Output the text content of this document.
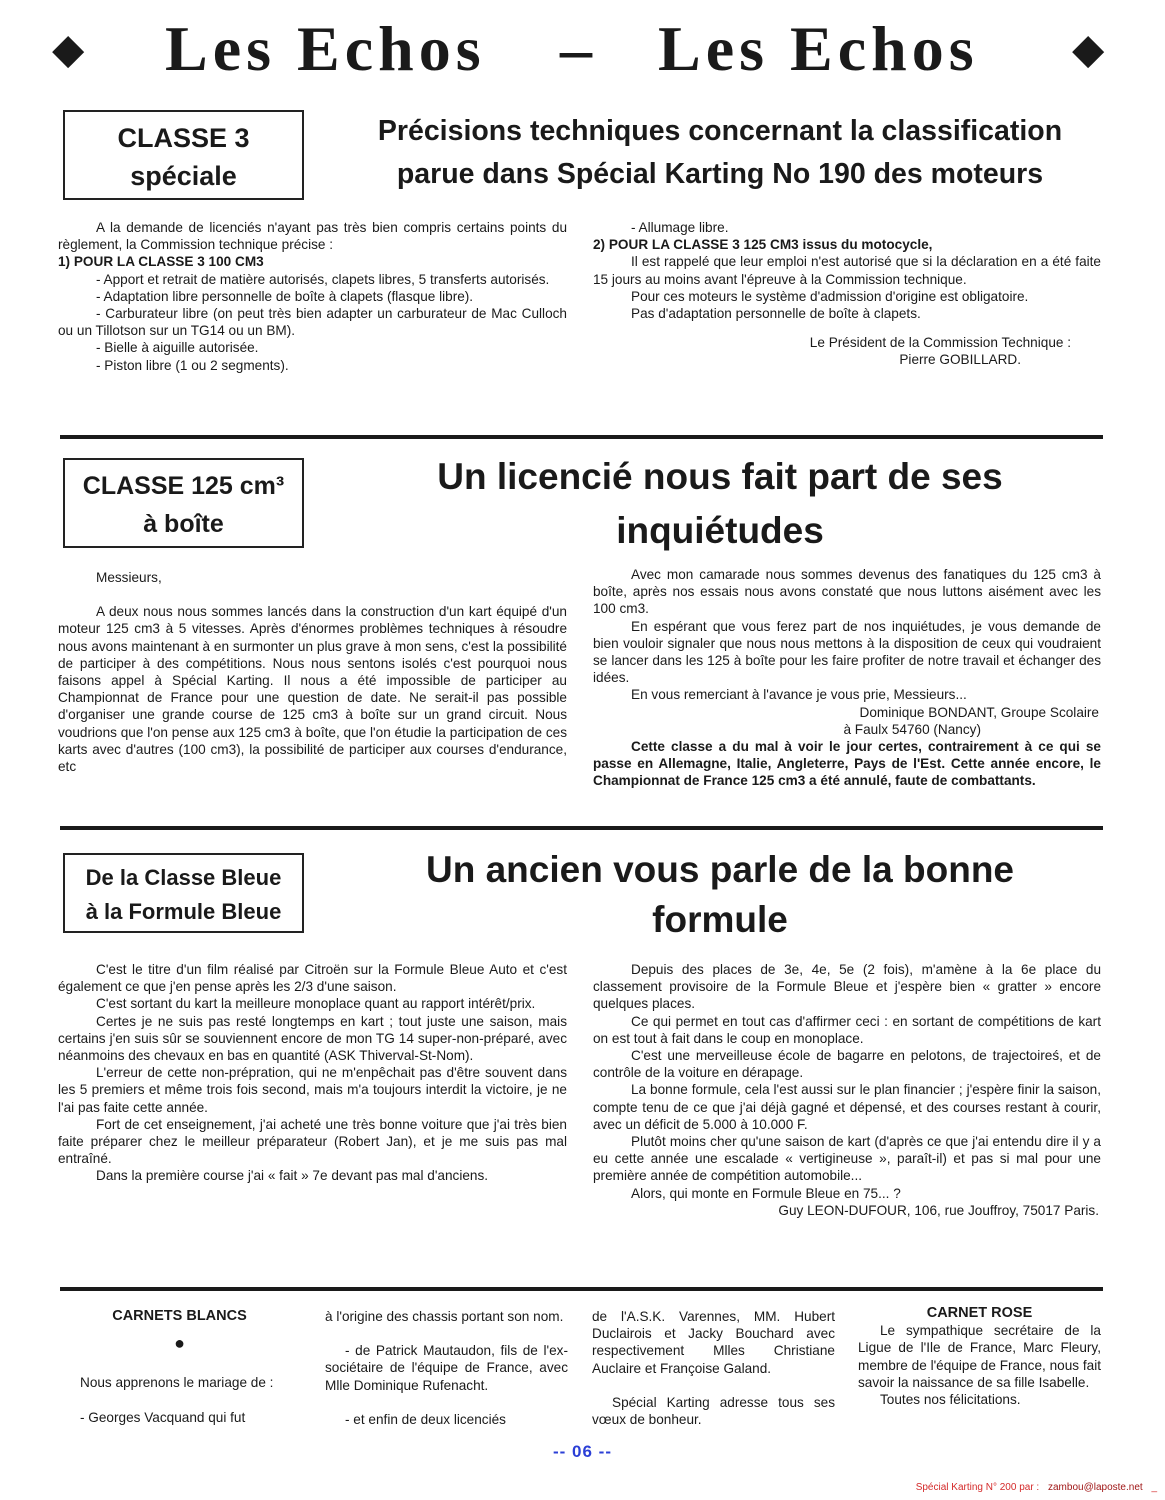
◆ Les Echos – Les Echos ◆
CLASSE 3
spéciale
Précisions techniques concernant la classification
parue dans Spécial Karting No 190 des moteurs

A la demande de licenciés n'ayant pas très bien compris certains points du règlement, la Commission technique précise :

1) POUR LA CLASSE 3 100 CM3

- Apport et retrait de matière autorisés, clapets libres, 5 transferts autorisés.

- Adaptation libre personnelle de boîte à clapets (flasque libre).

- Carburateur libre (on peut très bien adapter un carburateur de Mac Culloch ou un Tillotson sur un TG14 ou un BM).

- Bielle à aiguille autorisée.

- Piston libre (1 ou 2 segments).

- Allumage libre.

2) POUR LA CLASSE 3 125 CM3 issus du motocycle,

Il est rappelé que leur emploi n'est autorisé que si la déclaration en a été faite 15 jours au moins avant l'épreuve à la Commission technique.

Pour ces moteurs le système d'admission d'origine est obligatoire.

Pas d'adaptation personnelle de boîte à clapets.

Le Président de la Commission Technique :

Pierre GOBILLARD.

CLASSE 125 cm³
à boîte
Un licencié nous fait part de ses
inquiétudes

Messieurs,

A deux nous nous sommes lancés dans la construction d'un kart équipé d'un moteur 125 cm3 à 5 vitesses. Après d'énormes problèmes techniques à résoudre nous avons maintenant à en surmonter un plus grave à mon sens, c'est la possibilité de participer à des compétitions. Nous nous sentons isolés c'est pourquoi nous faisons appel à Spécial Karting. Il nous a été impossible de participer au Championnat de France pour une question de date. Ne serait-il pas possible d'organiser une grande course de 125 cm3 à boîte sur un grand circuit. Nous voudrions que l'on pense aux 125 cm3 à boîte, que l'on étudie la participation de ces karts avec d'autres (100 cm3), la possibilité de participer aux courses d'endurance, etc

Avec mon camarade nous sommes devenus des fanatiques du 125 cm3 à boîte, après nos essais nous avons constaté que nous luttons aisément avec les 100 cm3.

En espérant que vous ferez part de nos inquiétudes, je vous demande de bien vouloir signaler que nous nous mettons à la disposition de ceux qui voudraient se lancer dans les 125 à boîte pour les faire profiter de notre travail et échanger des idées.

En vous remerciant à l'avance je vous prie, Messieurs...

Dominique BONDANT, Groupe Scolaire

à Faulx 54760 (Nancy)

Cette classe a du mal à voir le jour certes, contrairement à ce qui se passe en Allemagne, Italie, Angleterre, Pays de l'Est. Cette année encore, le Championnat de France 125 cm3 a été annulé, faute de combattants.

De la Classe Bleue
à la Formule Bleue
Un ancien vous parle de la bonne
formule

C'est le titre d'un film réalisé par Citroën sur la Formule Bleue Auto et c'est également ce que j'en pense après les 2/3 d'une saison.

C'est sortant du kart la meilleure monoplace quant au rapport intérêt/prix.

Certes je ne suis pas resté longtemps en kart ; tout juste une saison, mais certains j'en suis sûr se souviennent encore de mon TG 14 super-non-préparé, avec néanmoins des chevaux en bas en quantité (ASK Thiverval-St-Nom).

L'erreur de cette non-prépration, qui ne m'enpêchait pas d'être souvent dans les 5 premiers et même trois fois second, mais m'a toujours interdit la victoire, je ne l'ai pas faite cette année.

Fort de cet enseignement, j'ai acheté une très bonne voiture que j'ai très bien faite préparer chez le meilleur préparateur (Robert Jan), et je me suis pas mal entraîné.

Dans la première course j'ai « fait » 7e devant pas mal d'anciens.

Depuis des places de 3e, 4e, 5e (2 fois), m'amène à la 6e place du classement provisoire de la Formule Bleue et j'espère bien « gratter » encore quelques places.

Ce qui permet en tout cas d'affirmer ceci : en sortant de compétitions de kart on est tout à fait dans le coup en monoplace.

C'est une merveilleuse école de bagarre en pelotons, de trajectoireś, et de contrôle de la voiture en dérapage.

La bonne formule, cela l'est aussi sur le plan financier ; j'espère finir la saison, compte tenu de ce que j'ai déjà gagné et dépensé, et des courses restant à courir, avec un déficit de 5.000 à 10.000 F.

Plutôt moins cher qu'une saison de kart (d'après ce que j'ai entendu dire il y a eu cette année une escalade « vertigineuse », paraît-il) et pas si mal pour une première année de compétition automobile...

Alors, qui monte en Formule Bleue en 75... ?

Guy LEON-DUFOUR, 106, rue Jouffroy, 75017 Paris.

CARNETS BLANCS

●

Nous apprenons le mariage de :

- Georges Vacquand qui fut

à l'origine des chassis portant son nom.

- de Patrick Mautaudon, fils de l'ex-sociétaire de l'équipe de France, avec Mlle Dominique Rufenacht.

- et enfin de deux licenciés

de l'A.S.K. Varennes, MM. Hubert Duclairois et Jacky Bouchard avec respectivement Mlles Christiane Auclaire et Françoise Galand.

Spécial Karting adresse tous ses vœux de bonheur.

CARNET ROSE

Le sympathique secrétaire de la Ligue de l'Ile de France, Marc Fleury, membre de l'équipe de France, nous fait savoir la naissance de sa fille Isabelle.

Toutes nos félicitations.

-- 06 --
Spécial Karting N° 200 par : zambou@laposte.net _
